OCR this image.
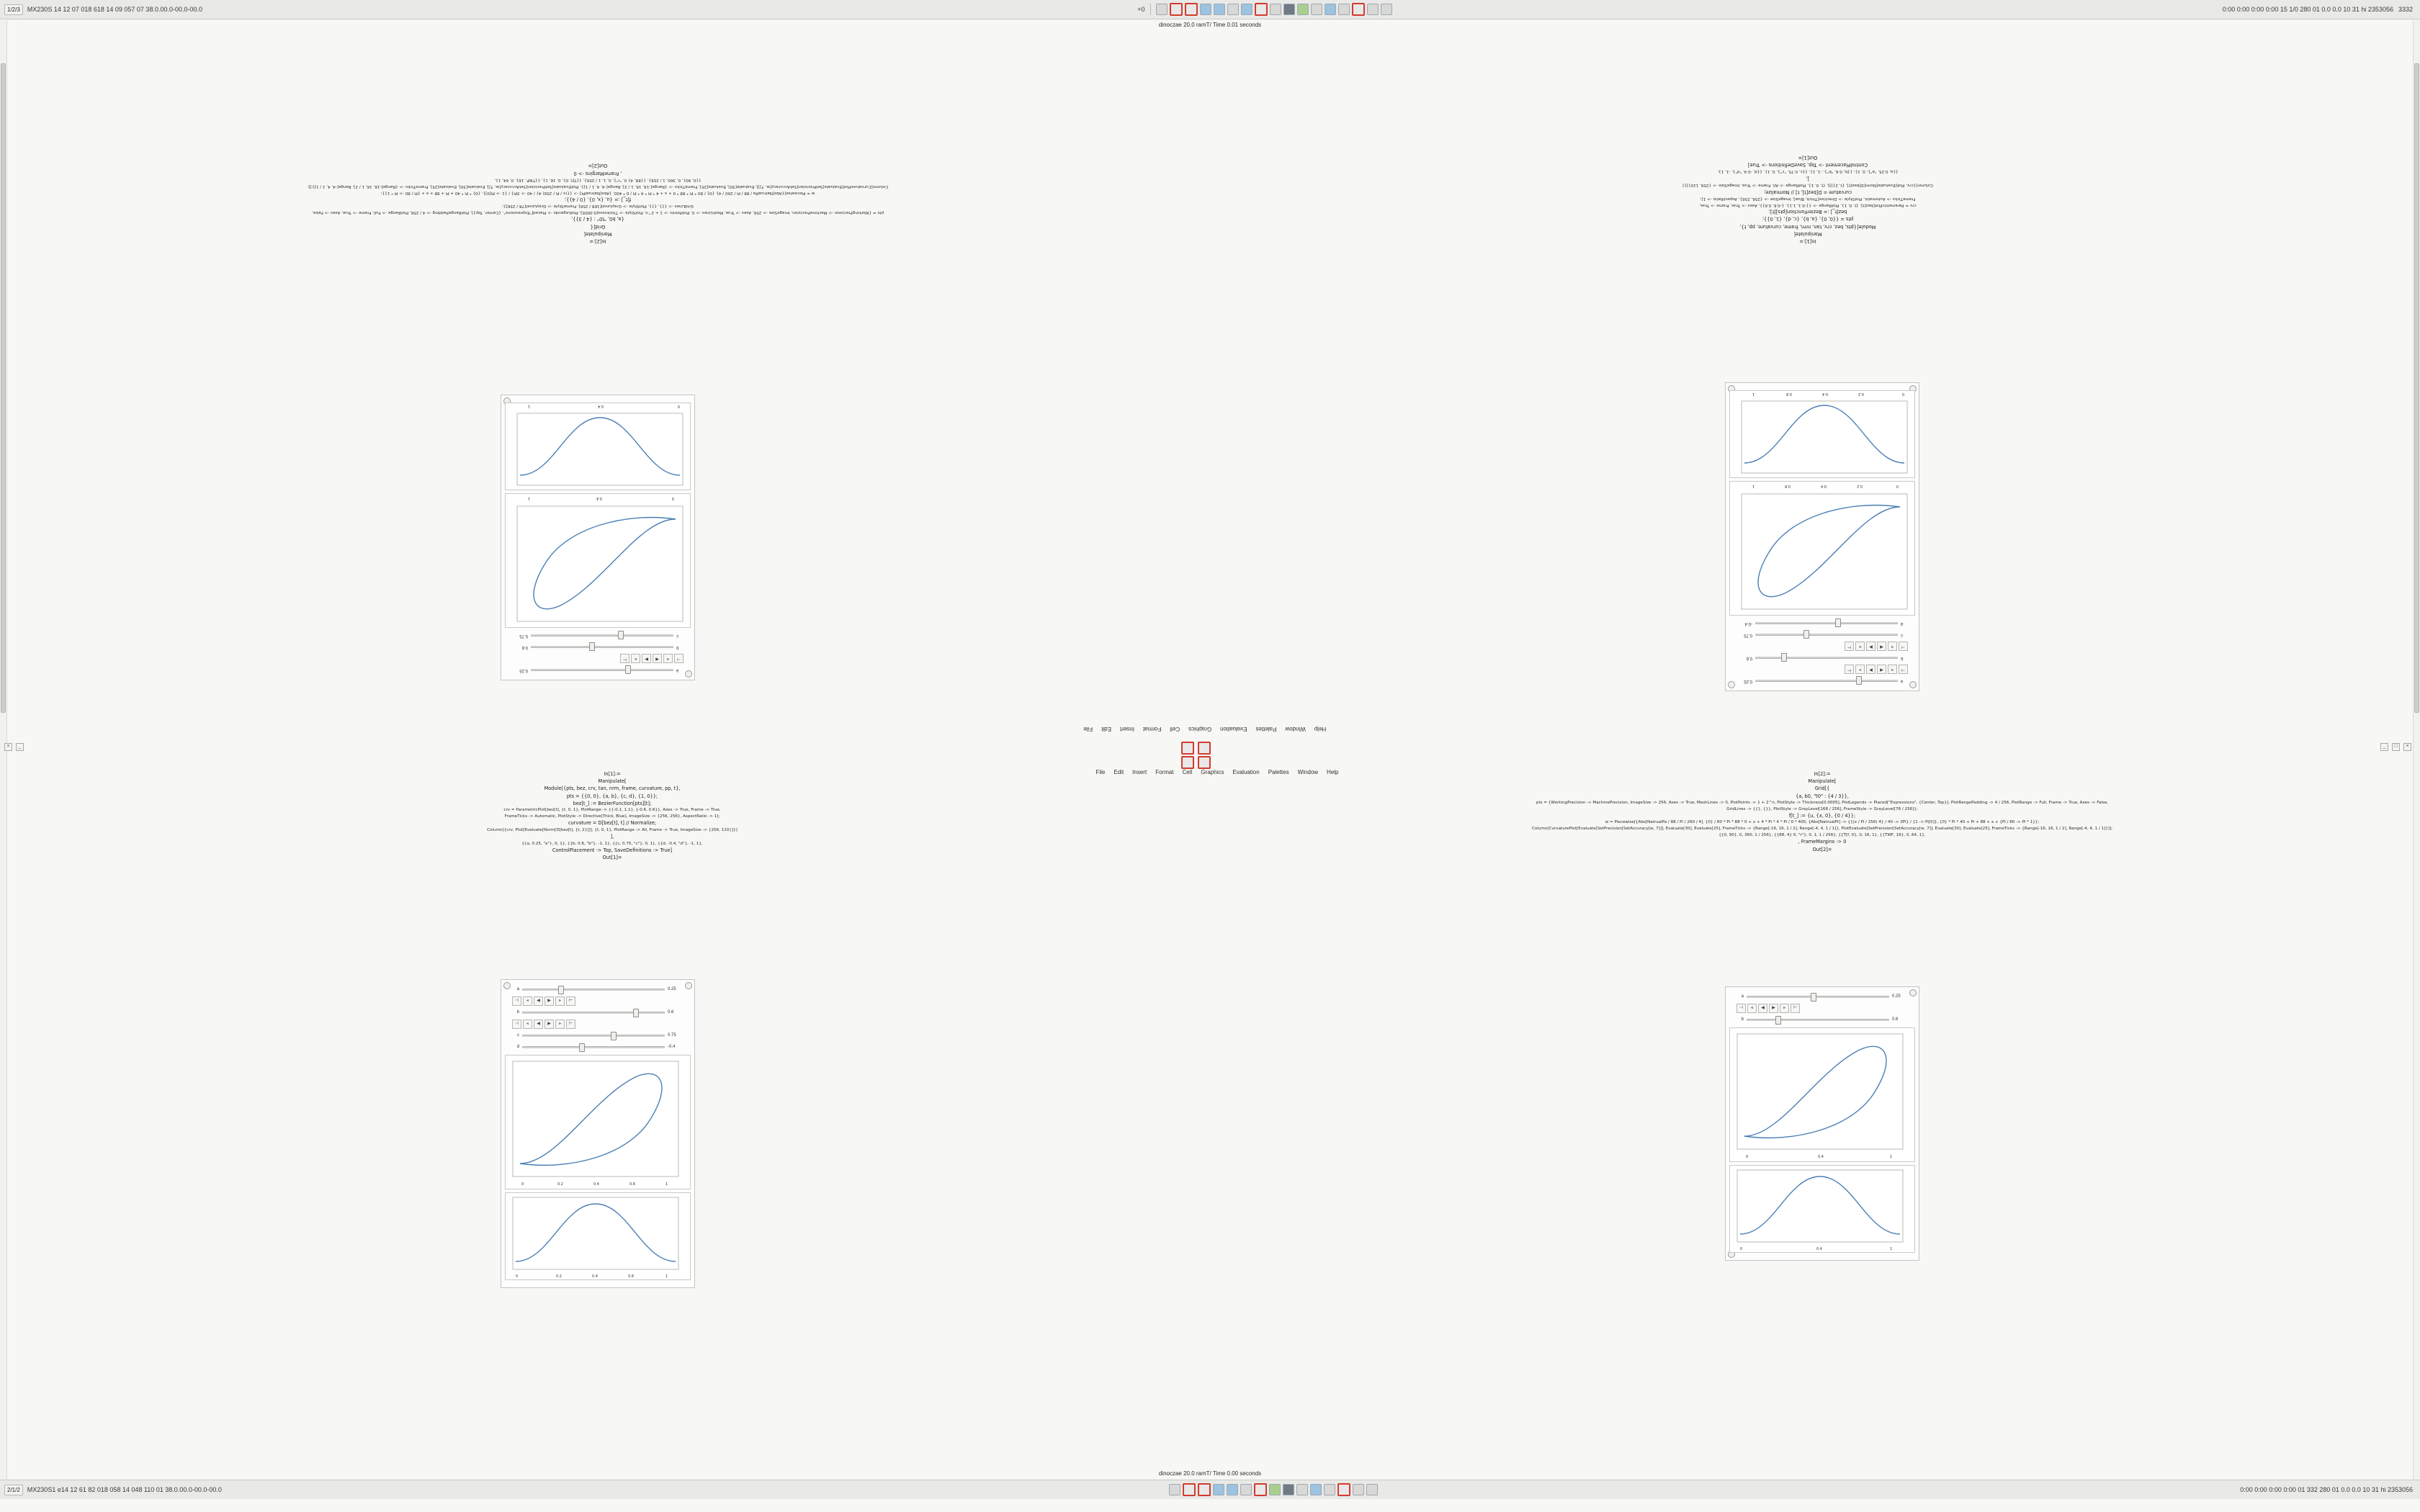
1/2/3	MX230S 14 12 07 018 618 14 09 057 07 38.0.00.0-00.0-00.0	+0	0:00 0:00 0:00 0:00 15 1/0 280 01 0.0 0.0 10 31 hi 2353056 3332
dinoczae 20.0 ramT/ Time 0.01 seconds
a
0.25
⊣
⫷
◀
▶
⫸
⊢
b
0.6
⊣
⫷
◀
▶
⫸
⊢
c
0.75
d
-0.4
0
0.2
0.4
0.8
1
0
0.2
0.4
0.8
1
a
0.25
⊣
⫷
◀
▶
⫸
⊢
b
0.6
c
0.75
0
0.4
1
0
0.4
1
In[1]:=
Manipulate[
Module[{pts, bez, crv, tan, nrm, frame, curvature, pp, t},
pts = {{0, 0}, {a, b}, {c, d}, {1, 0}};
bez[t_] := BezierFunction[pts][t];
crv = ParametricPlot[bez[t], {t, 0, 1}, PlotRange -> {{-0.1, 1.1}, {-0.6, 0.6}}, Axes -> True, Frame -> True,
FrameTicks -> Automatic, PlotStyle -> Directive[Thick, Blue], ImageSize -> {256, 256}, AspectRatio -> 1];
curvature = D[bez[t], t] // Normalize;
Column[{crv, Plot[Evaluate[Norm[D[bez[t], {t, 2}]]], {t, 0, 1}, PlotRange -> All, Frame -> True, ImageSize -> {256, 110}]}]
],
{{a, 0.25, "a"}, 0, 1}, {{b, 0.6, "b"}, -1, 1}, {{c, 0.75, "c"}, 0, 1}, {{d, -0.4, "d"}, -1, 1},
ControlPlacement -> Top, SaveDefinitions -> True]
Out[1]=
In[2]:=
Manipulate[
Grid[{
{a, b0, "t0" : {4 / 3}},
pts = {WorkingPrecision -> MachinePrecision, ImageSize -> 256, Axes -> True, MeshLines -> 0, PlotPoints -> 1 + 2^n, PlotStyle -> Thickness[0.0005], PlotLegends -> Placed["Expressions", {Center, Top}], PlotRangePadding -> 4 / 256, PlotRange -> Full, Frame -> True, Axes -> False,
GridLines -> {{}, {}}, PlotStyle -> GrayLevel[168 / 256], FrameStyle -> GrayLevel[78 / 256]};
f[t_] := {u, {x, 0}, {0 / 4}};
w = Piecewise[{Abs[NatrualPa / 88 / Pi / 260 / 4], {0} / 80 * Pi * 88 * 0 + x + 4 * Pi * 4 * Pi / 0 * 400, {Abs[NatrualPt] -> {{(x / Pi / 256) 4} / 40 -> 3Pi} / {1 -> Pi[0]}, {0} * Pi * 40 + Pi + 88 + x + {Pi / 80 -> Pi * 1}};
Column[CurvaturePlot[Evaluate[SetPrecision[SetAccuracy[w, 7]]], Evaluate[30], Evaluate[25], FrameTicks -> {Range[-16, 16, 1 / 2], Range[-4, 4, 1 / 1]}, PlotEvaluate[SetPrecision[SetAccuracy[w, 7]], Evaluate[30], Evaluate[25], FrameTicks -> {Range[-16, 16, 1 / 2], Range[-4, 4, 1 / 1]}]];
{{0, 90}, 0, 360, 1 / 256}, {{88, 4} 0, "r"}, 0, 1, 1 / 256}, {{T[f, 0}, 0, 16, 1}, {{TWF, 16}, 0, 64, 1},
, FrameMargins -> 0
Out[2]=
Help
Window
Palettes
Evaluation
Graphics
Cell
Format
Insert
Edit
File
File Edit Insert Format Cell Graphics Evaluation Palettes Window Help
_	□	×
×	_
In[1]:=
Manipulate[
Module[{pts, bez, crv, tan, nrm, frame, curvature, pp, t},
pts = {{0, 0}, {a, b}, {c, d}, {1, 0}};
bez[t_] := BezierFunction[pts][t];
crv = ParametricPlot[bez[t], {t, 0, 1}, PlotRange -> {{-0.1, 1.1}, {-0.6, 0.6}}, Axes -> True, Frame -> True,
FrameTicks -> Automatic, PlotStyle -> Directive[Thick, Blue], ImageSize -> {256, 256}, AspectRatio -> 1];
curvature = D[bez[t], t] // Normalize;
Column[{crv, Plot[Evaluate[Norm[D[bez[t], {t, 2}]]], {t, 0, 1}, PlotRange -> All, Frame -> True, ImageSize -> {256, 110}]}]
],
{{a, 0.25, "a"}, 0, 1}, {{b, 0.6, "b"}, -1, 1}, {{c, 0.75, "c"}, 0, 1}, {{d, -0.4, "d"}, -1, 1},
ControlPlacement -> Top, SaveDefinitions -> True]
Out[1]=
In[2]:=
Manipulate[
Grid[{
{a, b0, "t0" : {4 / 3}},
pts = {WorkingPrecision -> MachinePrecision, ImageSize -> 256, Axes -> True, MeshLines -> 0, PlotPoints -> 1 + 2^n, PlotStyle -> Thickness[0.0005], PlotLegends -> Placed["Expressions", {Center, Top}], PlotRangePadding -> 4 / 256, PlotRange -> Full, Frame -> True, Axes -> False,
GridLines -> {{}, {}}, PlotStyle -> GrayLevel[168 / 256], FrameStyle -> GrayLevel[78 / 256]};
f[t_] := {u, {x, 0}, {0 / 4}};
w = Piecewise[{Abs[NatrualPa / 88 / Pi / 260 / 4], {0} / 80 * Pi * 88 * 0 + x + 4 * Pi * 4 * Pi / 0 * 400, {Abs[NatrualPt] -> {{(x / Pi / 256) 4} / 40 -> 3Pi} / {1 -> Pi[0]}, {0} * Pi * 40 + Pi + 88 + x + {Pi / 80 -> Pi * 1}};
Column[CurvaturePlot[Evaluate[SetPrecision[SetAccuracy[w, 7]]], Evaluate[30], Evaluate[25], FrameTicks -> {Range[-16, 16, 1 / 2], Range[-4, 4, 1 / 1]}, PlotEvaluate[SetPrecision[SetAccuracy[w, 7]], Evaluate[30], Evaluate[25], FrameTicks -> {Range[-16, 16, 1 / 2], Range[-4, 4, 1 / 1]}]];
{{0, 90}, 0, 360, 1 / 256}, {{88, 4} 0, "r"}, 0, 1, 1 / 256}, {{T[f, 0}, 0, 16, 1}, {{TWF, 16}, 0, 64, 1},
, FrameMargins -> 0
Out[2]=
a	0.25
⊣	⫷	◀	▶	⫸	⊢
b	0.6
⊣	⫷	◀	▶	⫸	⊢
c	0.75
d	-0.4
0	0.2	0.4	0.8	1
0	0.2	0.4	0.8	1
a	0.25
⊣	⫷	◀	▶	⫸	⊢
b	0.6
0	0.4	1
0	0.4	1
dinoczae 20.0 ramT/ Time 0.00 seconds
2/1/2	MX230S1 e14 12 61 82 018 058 14 048 110 01 38.0.00.0-00.0-00.0	0:00 0:00 0:00 0:00 01 332 280 01 0.0 0.0 10 31 hi 2353056
